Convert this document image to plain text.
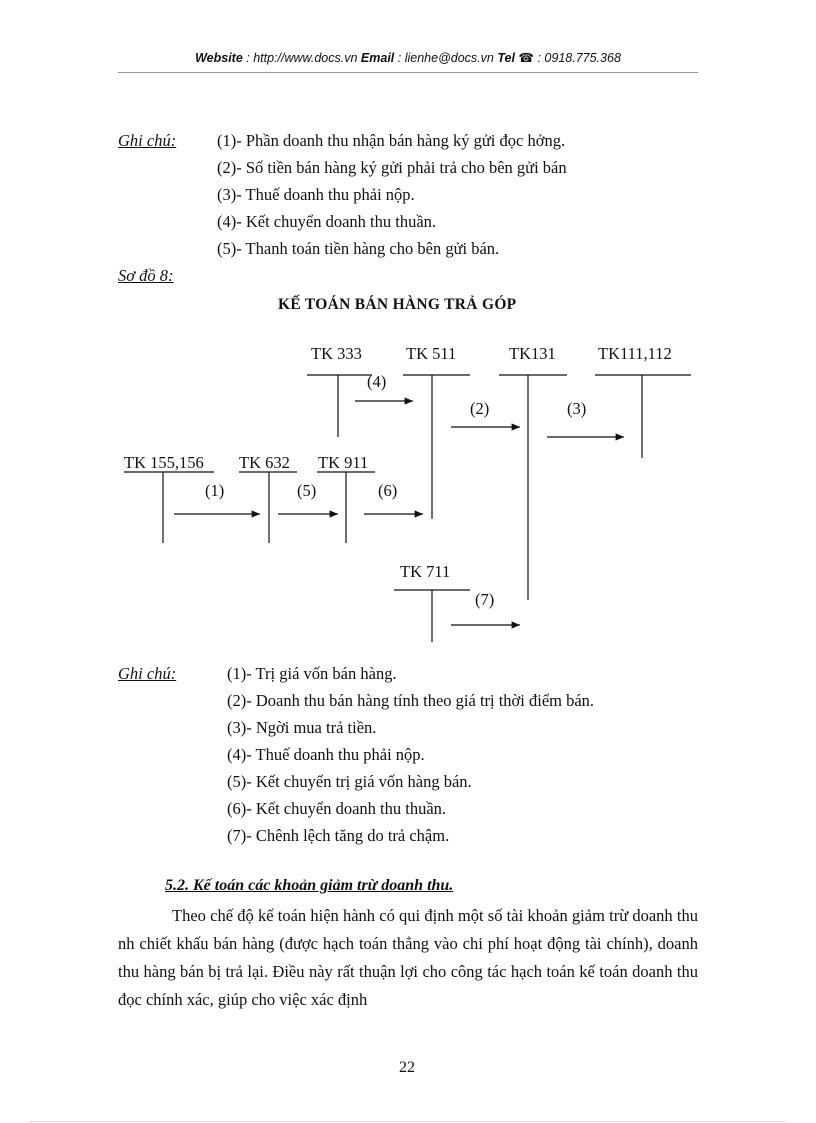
Website : http://www.docs.vn Email : lienhe@docs.vn Tel ☎ : 0918.775.368
Ghi chú: (1)- Phần doanh thu nhận bán hàng ký gửi đọc hởng.
(2)- Số tiền bán hàng ký gửi phải trả cho bên gửi bán
(3)- Thuế doanh thu phải nộp.
(4)- Kết chuyển doanh thu thuần.
(5)- Thanh toán tiền hàng cho bên gửi bán.
Sơ đồ 8:
KẾ TOÁN BÁN HÀNG TRẢ GÓP
TK 333	TK 511	TK131	TK111,112
TK 155,156 TK 632 TK 911
TK 711
(4)
(2)	(3)
(1)	(5)	(6)
(7)
Ghi chú:	(1)- Trị giá vốn bán hàng.
(2)- Doanh thu bán hàng tính theo giá trị thời điểm bán.
(3)- Ngời mua trả tiền.
(4)- Thuế doanh thu phải nộp.
(5)- Kết chuyển trị giá vốn hàng bán.
(6)- Kết chuyển doanh thu thuần.
(7)- Chênh lệch tăng do trả chậm.
5.2. Kế toán các khoản giảm trừ doanh thu.
Theo chế độ kế toán hiện hành có qui định một số tài khoản giảm trừ doanh thu nh chiết khấu bán hàng (được hạch toán thẳng vào chi phí hoạt động tài chính), doanh thu hàng bán bị trả lại. Điều này rất thuận lợi cho công tác hạch toán kế toán doanh thu đọc chính xác, giúp cho việc xác định
22
